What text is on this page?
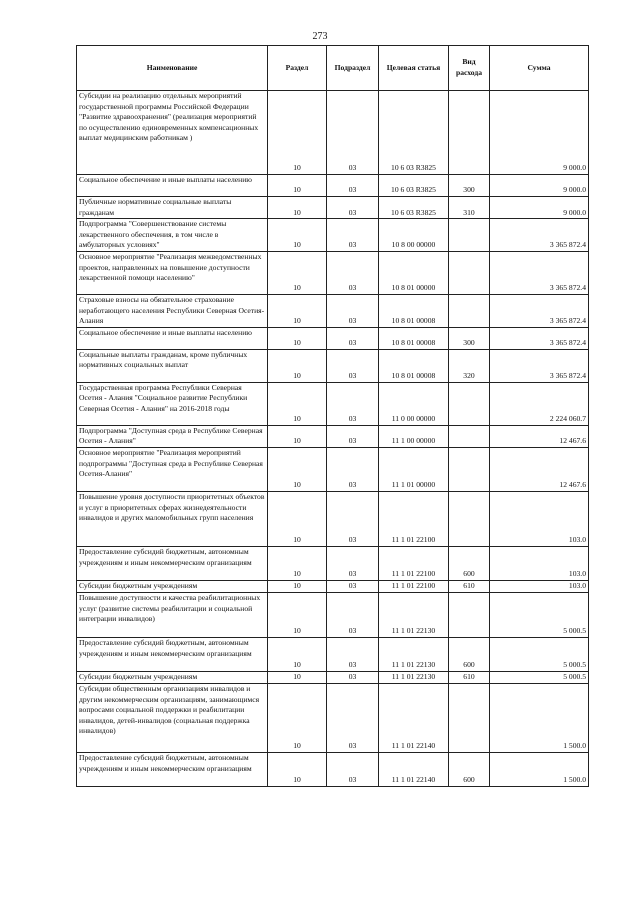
273
Наименование	Раздел	Подраздел	Целевая статья	Вид расхода	Сумма
Субсидии на реализацию отдельных мероприятий государственной программы Российской Федерации "Развитие здравоохранения" (реализация мероприятий по осуществлению единовременных компенсационных выплат медицинским работникам )	10	03	10 6 03 R3825		9 000.0
Социальное обеспечение и иные выплаты населению	10	03	10 6 03 R3825	300	9 000.0
Публичные нормативные социальные выплаты гражданам	10	03	10 6 03 R3825	310	9 000.0
Подпрограмма "Совершенствование системы лекарственного обеспечения, в том числе в амбулаторных условиях"	10	03	10 8 00 00000		3 365 872.4
Основное мероприятие "Реализация межведомственных проектов, направленных на повышение доступности лекарственной помощи населению"	10	03	10 8 01 00000		3 365 872.4
Страховые взносы на обязательное страхование неработающего населения Республики Северная Осетия-Алания	10	03	10 8 01 00008		3 365 872.4
Социальное обеспечение и иные выплаты населению	10	03	10 8 01 00008	300	3 365 872.4
Социальные выплаты гражданам, кроме публичных нормативных социальных выплат	10	03	10 8 01 00008	320	3 365 872.4
Государственная программа Республики Северная Осетия - Алания "Социальное развитие Республики Северная Осетия - Алания" на 2016-2018 годы	10	03	11 0 00 00000		2 224 060.7
Подпрограмма "Доступная среда в Республике Северная Осетия - Алания"	10	03	11 1 00 00000		12 467.6
Основное мероприятие "Реализация мероприятий подпрограммы "Доступная среда в Республике Северная Осетия-Алания"	10	03	11 1 01 00000		12 467.6
Повышение уровня доступности приоритетных объектов и услуг в приоритетных сферах жизнедеятельности инвалидов и других маломобильных групп населения	10	03	11 1 01 22100		103.0
Предоставление субсидий бюджетным, автономным учреждениям и иным некоммерческим организациям	10	03	11 1 01 22100	600	103.0
Субсидии бюджетным учреждениям	10	03	11 1 01 22100	610	103.0
Повышение доступности и качества реабилитационных услуг (развитие системы реабилитации и социальной интеграции инвалидов)	10	03	11 1 01 22130		5 000.5
Предоставление субсидий бюджетным, автономным учреждениям и иным некоммерческим организациям	10	03	11 1 01 22130	600	5 000.5
Субсидии бюджетным учреждениям	10	03	11 1 01 22130	610	5 000.5
Субсидии общественным организациям инвалидов и другим некоммерческим организациям, занимающимся вопросами социальной поддержки и реабилитации инвалидов, детей-инвалидов (социальная поддержка инвалидов)	10	03	11 1 01 22140		1 500.0
Предоставление субсидий бюджетным, автономным учреждениям и иным некоммерческим организациям	10	03	11 1 01 22140	600	1 500.0
